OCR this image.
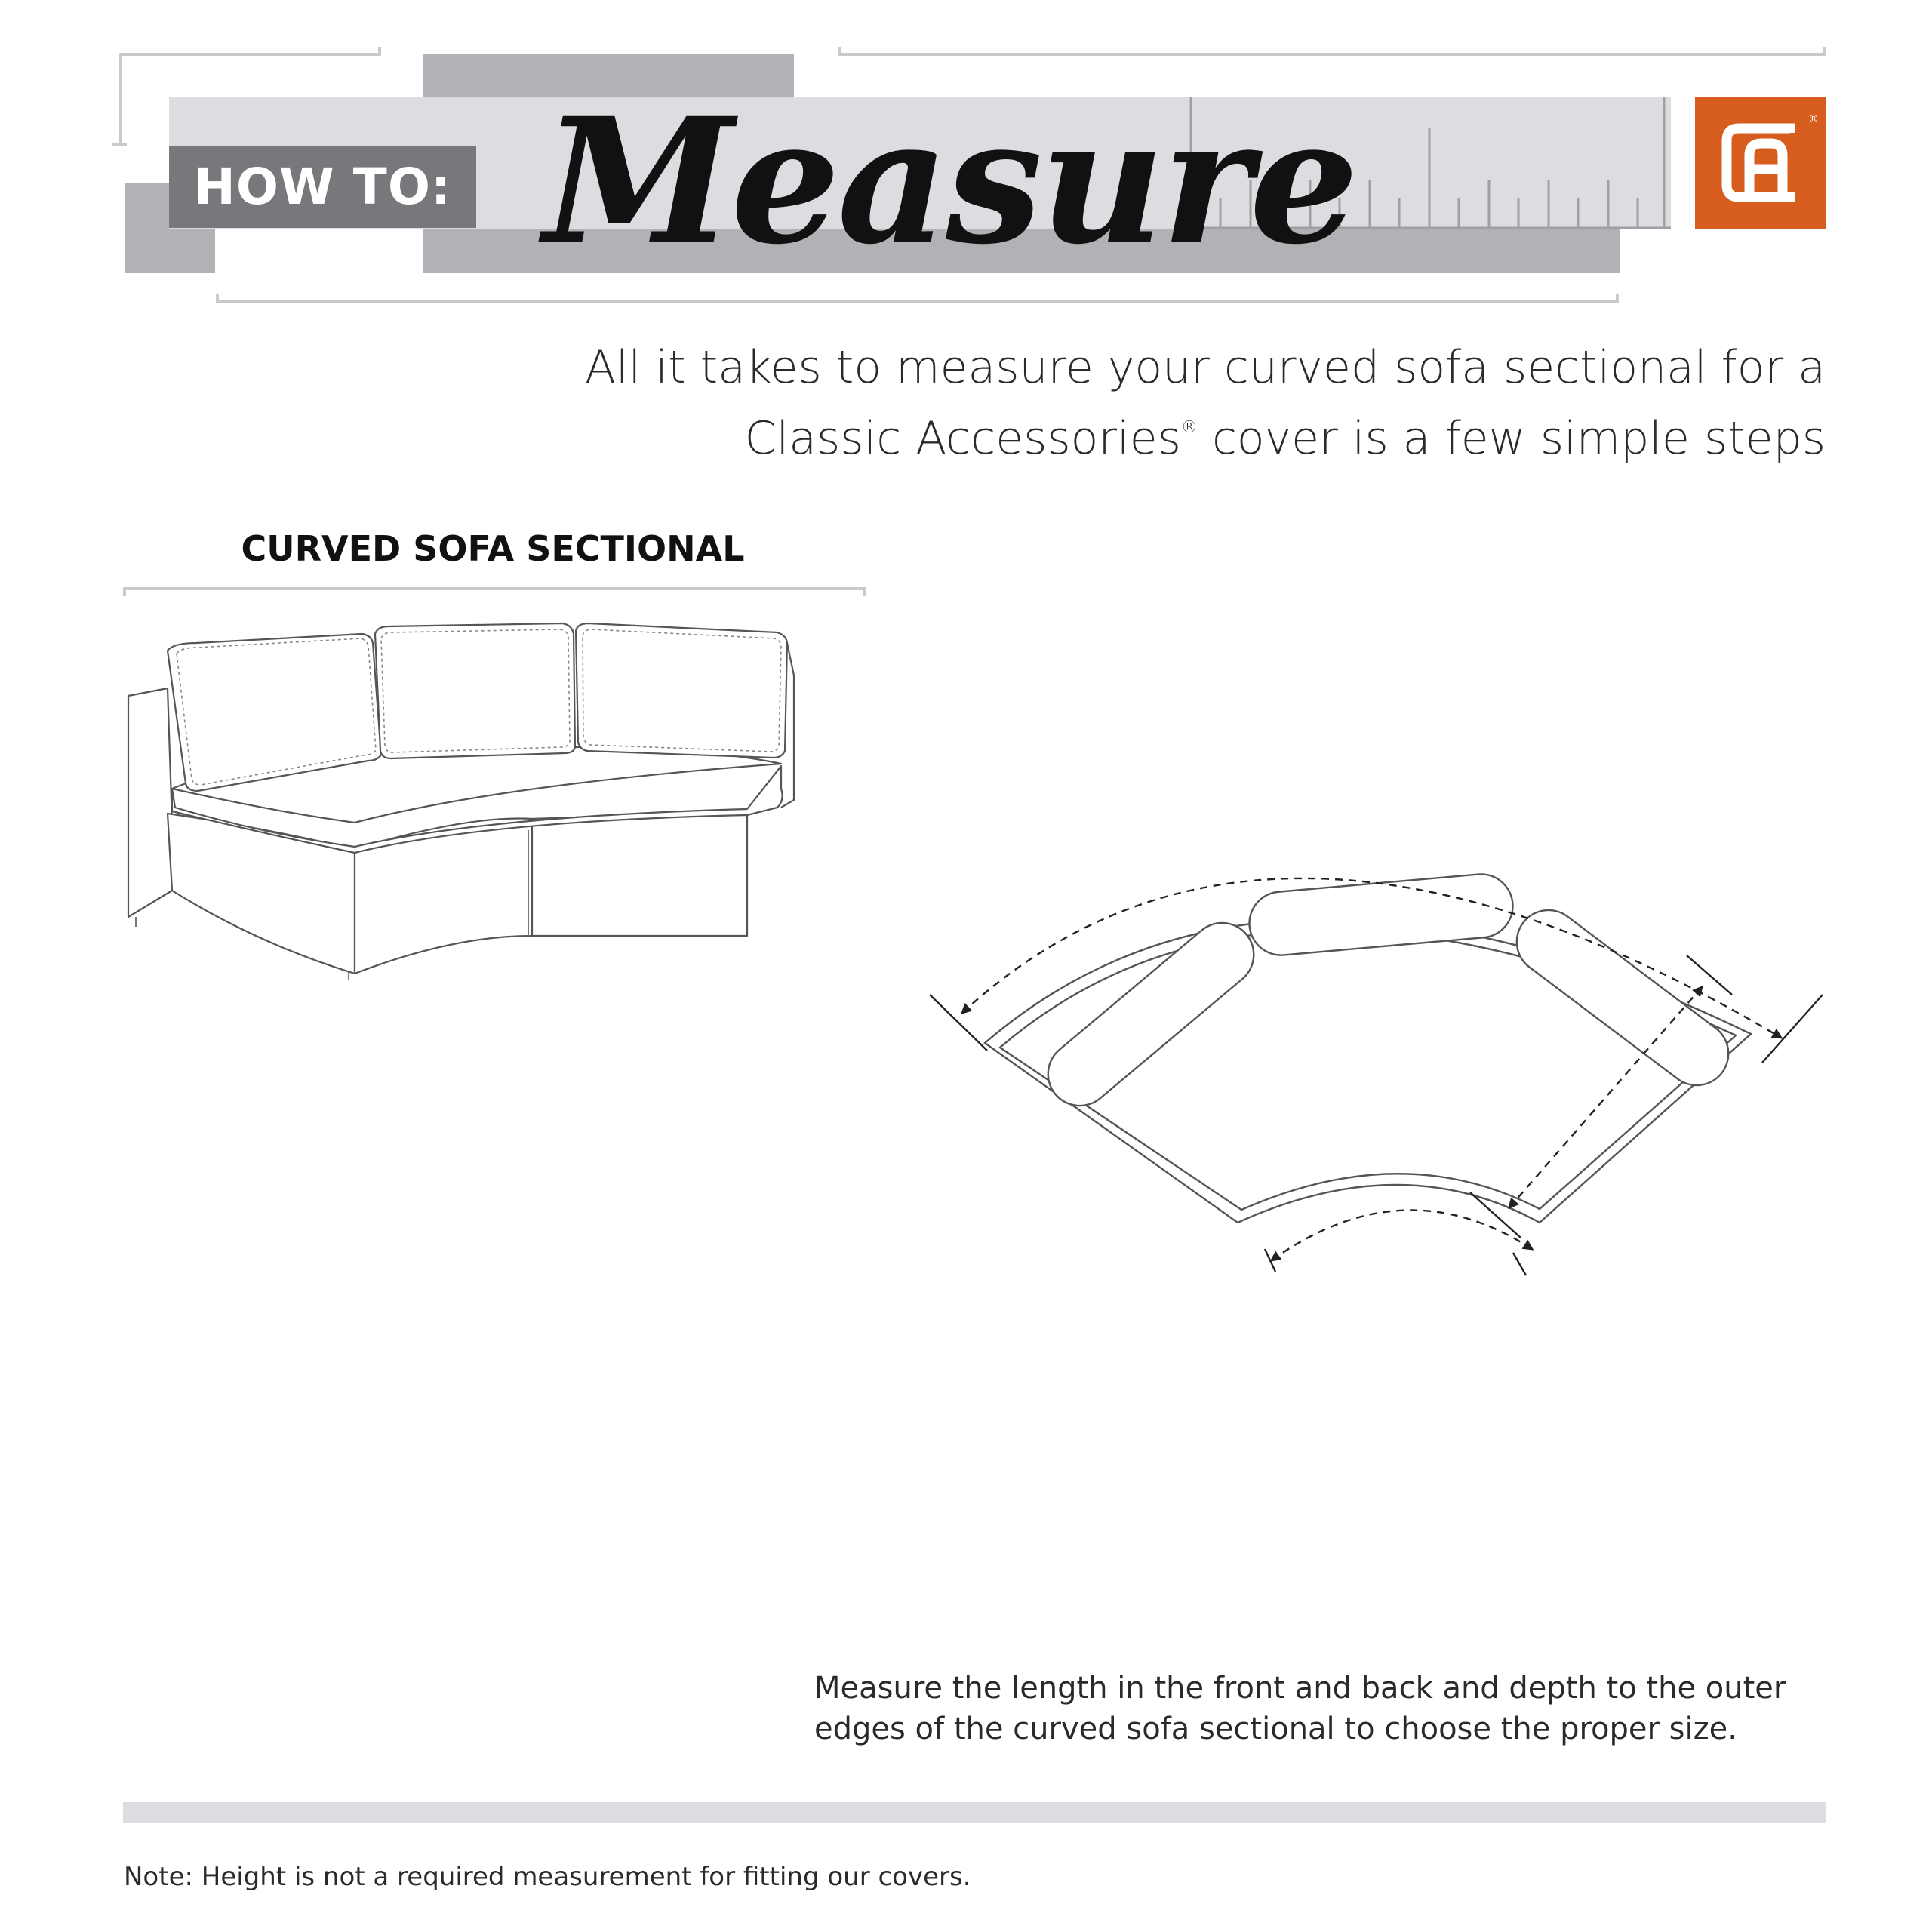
HOW TO: Measure	®
All it takes to measure your curved sofa sectional for a
Classic Accessories® cover is a few simple steps
CURVED SOFA SECTIONAL
Measure the length in the front and back and depth to the outer
edges of the curved sofa sectional to choose the proper size.
Note: Height is not a required measurement for fitting our covers.
